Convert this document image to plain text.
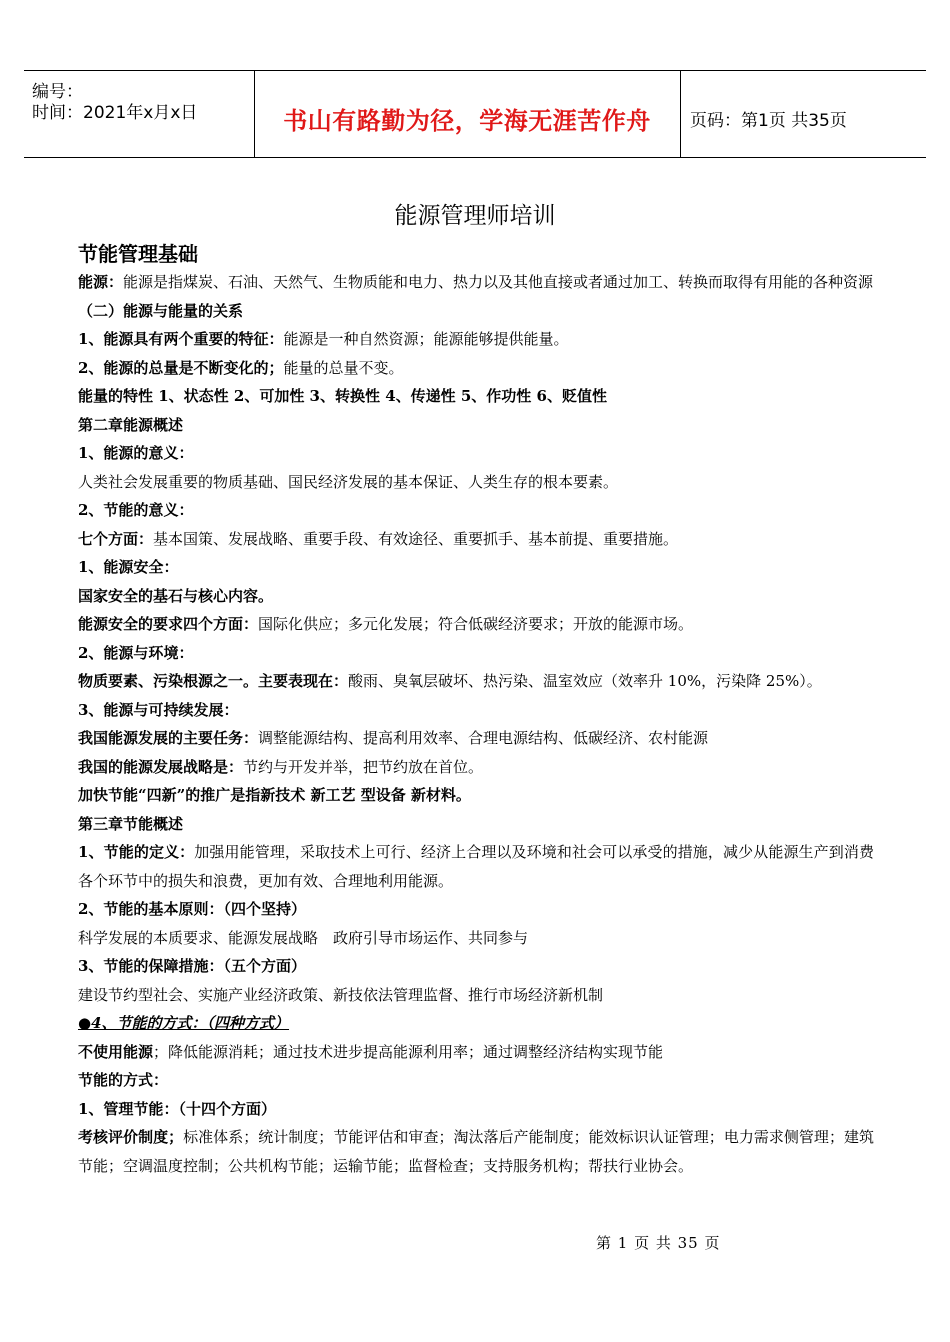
编号：
时间：2021年x月x日	书山有路勤为径，学海无涯苦作舟	页码：第1页 共35页
能源管理师培训
节能管理基础

能源：能源是指煤炭、石油、天然气、生物质能和电力、热力以及其他直接或者通过加工、转换而取得有用能的各种资源

（二）能源与能量的关系

1、能源具有两个重要的特征：能源是一种自然资源；能源能够提供能量。

2、能源的总量是不断变化的；能量的总量不变。

能量的特性 1、状态性 2、可加性 3、转换性 4、传递性 5、作功性 6、贬值性

第二章能源概述

1、能源的意义：

人类社会发展重要的物质基础、国民经济发展的基本保证、人类生存的根本要素。

2、节能的意义：

七个方面：基本国策、发展战略、重要手段、有效途径、重要抓手、基本前提、重要措施。

1、能源安全：

国家安全的基石与核心内容。

能源安全的要求四个方面：国际化供应；多元化发展；符合低碳经济要求；开放的能源市场。

2、能源与环境：

物质要素、污染根源之一。主要表现在：酸雨、臭氧层破坏、热污染、温室效应（效率升 10%，污染降 25%）。

3、能源与可持续发展：

我国能源发展的主要任务：调整能源结构、提高利用效率、合理电源结构、低碳经济、农村能源

我国的能源发展战略是：节约与开发并举，把节约放在首位。

加快节能“四新”的推广是指新技术 新工艺 型设备 新材料。

第三章节能概述

1、节能的定义：加强用能管理，采取技术上可行、经济上合理以及环境和社会可以承受的措施，减少从能源生产到消费各个环节中的损失和浪费，更加有效、合理地利用能源。

2、节能的基本原则：（四个坚持）

科学发展的本质要求、能源发展战略　政府引导市场运作、共同参与

3、节能的保障措施：（五个方面）

建设节约型社会、实施产业经济政策、新技依法管理监督、推行市场经济新机制

●4、节能的方式：（四种方式）

不使用能源；降低能源消耗；通过技术进步提高能源利用率；通过调整经济结构实现节能

节能的方式：

1、管理节能：（十四个方面）

考核评价制度；标准体系；统计制度；节能评估和审查；淘汰落后产能制度；能效标识认证管理；电力需求侧管理；建筑节能；空调温度控制；公共机构节能；运输节能；监督检查；支持服务机构；帮扶行业协会。

第 1 页 共 35 页
